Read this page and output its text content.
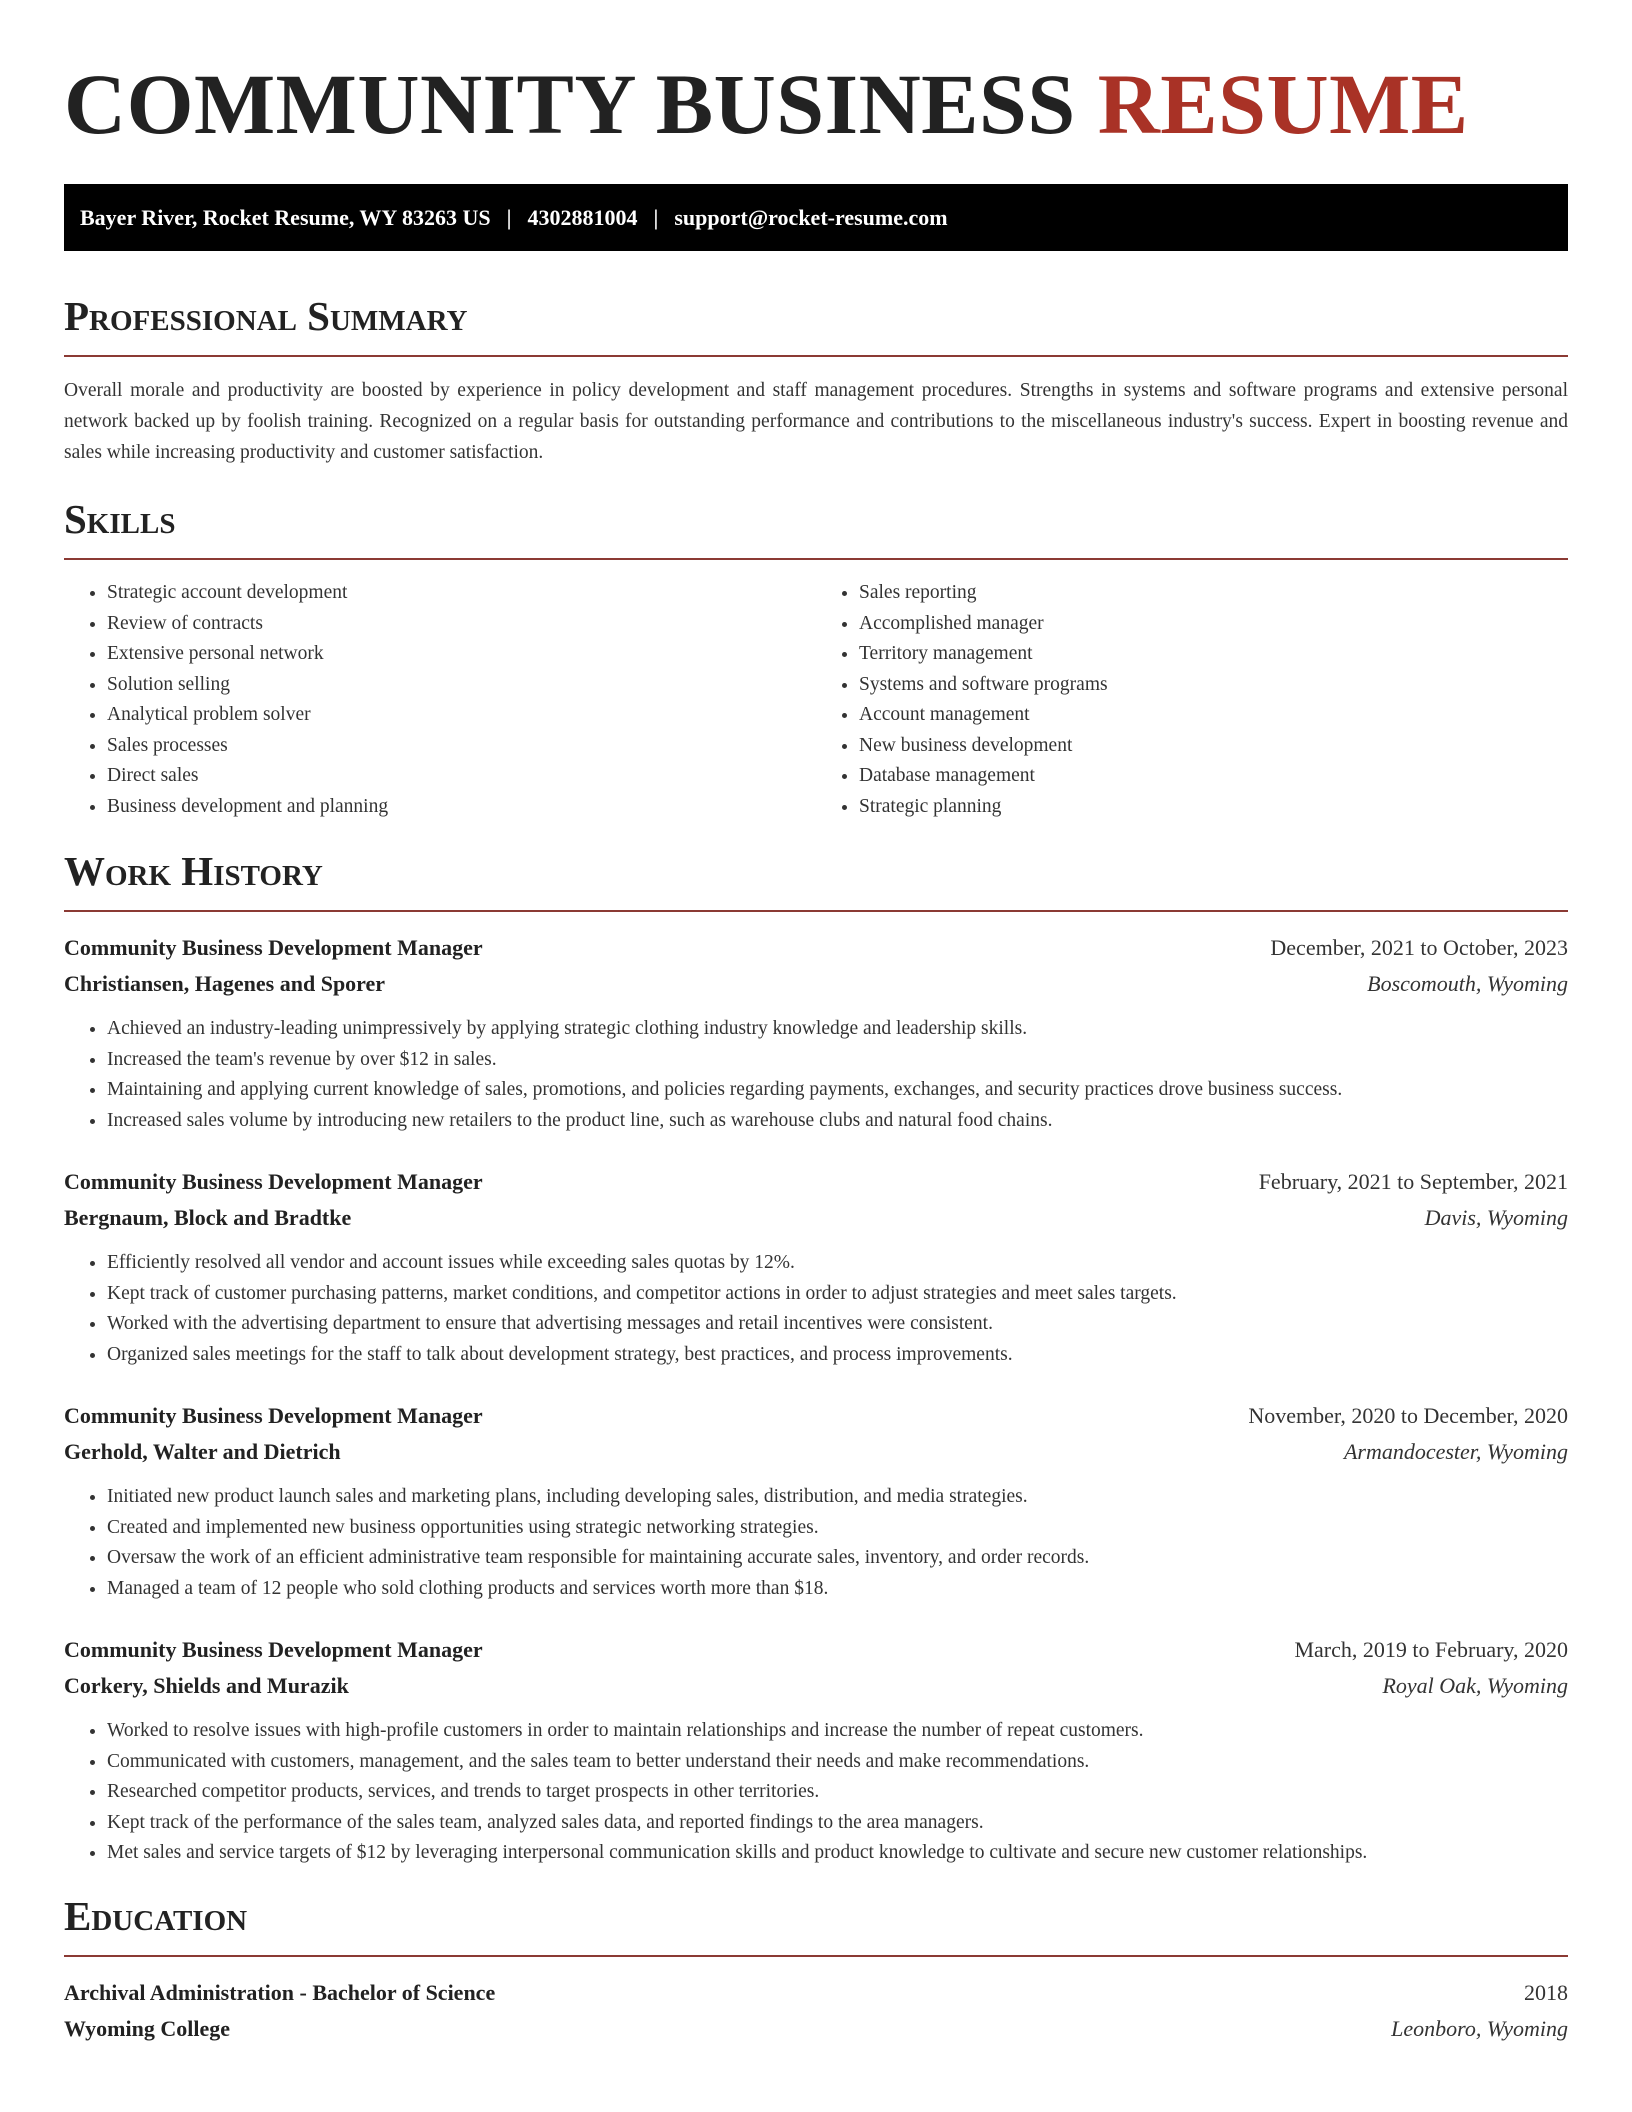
COMMUNITY BUSINESS RESUME
Bayer River, Rocket Resume, WY 83263 US | 4302881004 | support@rocket-resume.com
Professional Summary

Overall morale and productivity are boosted by experience in policy development and staff management procedures. Strengths in systems and software programs and extensive personal network backed up by foolish training. Recognized on a regular basis for outstanding performance and contributions to the miscellaneous industry's success. Expert in boosting revenue and sales while increasing productivity and customer satisfaction.

Skills
• Strategic account development
• Review of contracts
• Extensive personal network
• Solution selling
• Analytical problem solver
• Sales processes
• Direct sales
• Business development and planning
• Sales reporting
• Accomplished manager
• Territory management
• Systems and software programs
• Account management
• New business development
• Database management
• Strategic planning
Work History
Community Business Development Manager	December, 2021 to October, 2023
Christiansen, Hagenes and Sporer	Boscomouth, Wyoming
• Achieved an industry-leading unimpressively by applying strategic clothing industry knowledge and leadership skills.
• Increased the team's revenue by over $12 in sales.
• Maintaining and applying current knowledge of sales, promotions, and policies regarding payments, exchanges, and security practices drove business success.
• Increased sales volume by introducing new retailers to the product line, such as warehouse clubs and natural food chains.
Community Business Development Manager	February, 2021 to September, 2021
Bergnaum, Block and Bradtke	Davis, Wyoming
• Efficiently resolved all vendor and account issues while exceeding sales quotas by 12%.
• Kept track of customer purchasing patterns, market conditions, and competitor actions in order to adjust strategies and meet sales targets.
• Worked with the advertising department to ensure that advertising messages and retail incentives were consistent.
• Organized sales meetings for the staff to talk about development strategy, best practices, and process improvements.
Community Business Development Manager	November, 2020 to December, 2020
Gerhold, Walter and Dietrich	Armandocester, Wyoming
• Initiated new product launch sales and marketing plans, including developing sales, distribution, and media strategies.
• Created and implemented new business opportunities using strategic networking strategies.
• Oversaw the work of an efficient administrative team responsible for maintaining accurate sales, inventory, and order records.
• Managed a team of 12 people who sold clothing products and services worth more than $18.
Community Business Development Manager	March, 2019 to February, 2020
Corkery, Shields and Murazik	Royal Oak, Wyoming
• Worked to resolve issues with high-profile customers in order to maintain relationships and increase the number of repeat customers.
• Communicated with customers, management, and the sales team to better understand their needs and make recommendations.
• Researched competitor products, services, and trends to target prospects in other territories.
• Kept track of the performance of the sales team, analyzed sales data, and reported findings to the area managers.
• Met sales and service targets of $12 by leveraging interpersonal communication skills and product knowledge to cultivate and secure new customer relationships.
Education
Archival Administration - Bachelor of Science	2018
Wyoming College	Leonboro, Wyoming
